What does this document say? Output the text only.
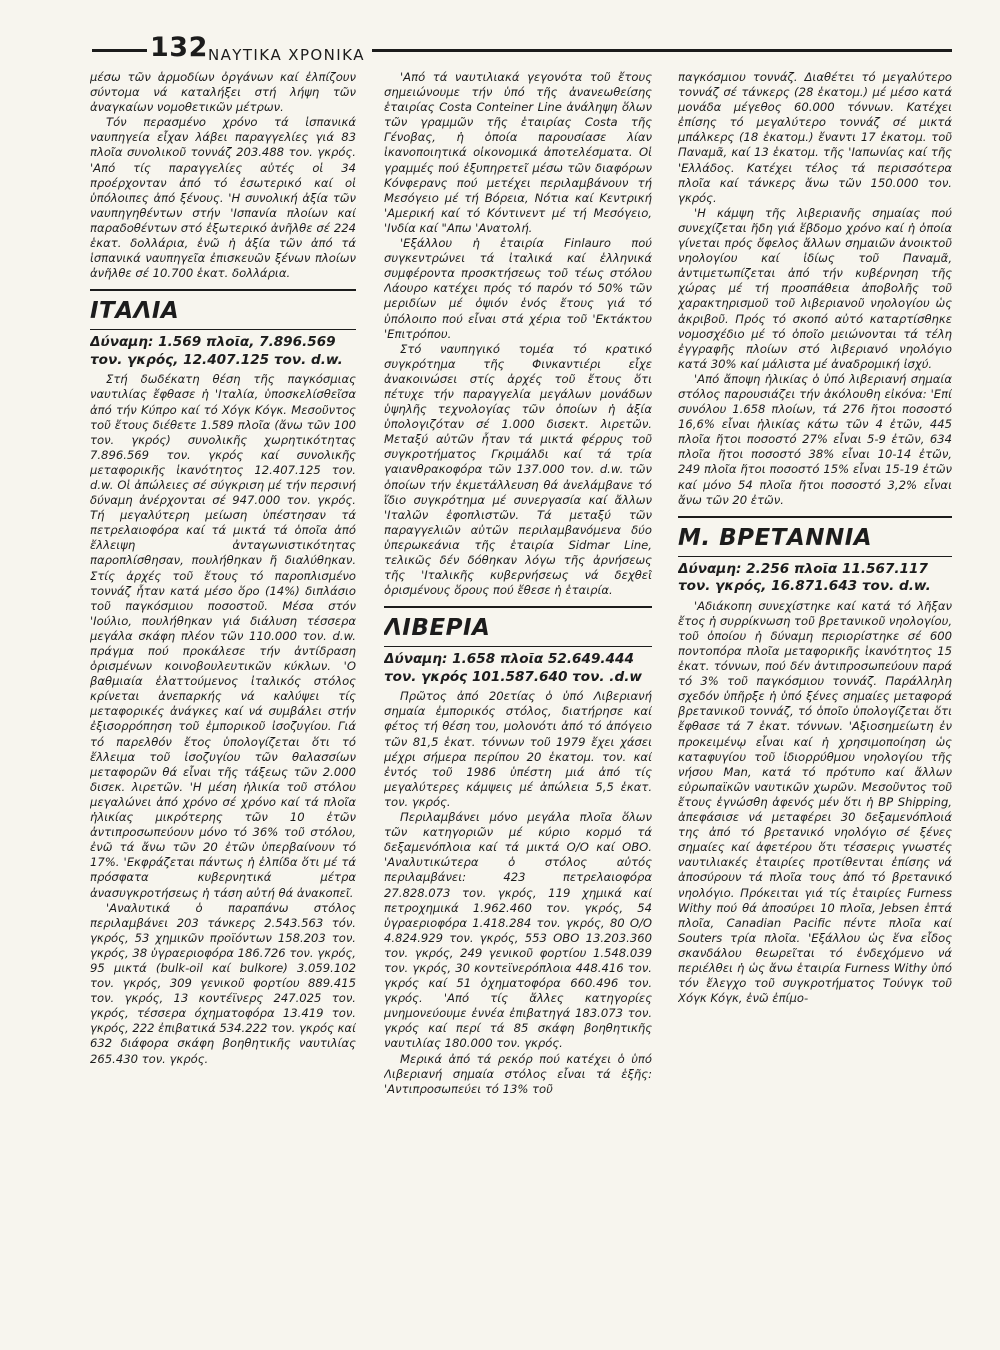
132 ΝΑΥΤΙΚΑ ΧΡΟΝΙΚΑ

μέσω τῶν ἁρμοδίων ὀργάνων καί ἐλπίζουν σύντομα νά καταλήξει στή λήψη τῶν ἀναγκαίων νομοθετικῶν μέτρων.

Τόν περασμένο χρόνο τά ἱσπανικά ναυπηγεία εἶχαν λάβει παραγγελίες γιά 83 πλοῖα συνολικοῦ τοννάζ 203.488 τον. γκρός. 'Από τίς παραγγελίες αὐτές οἱ 34 προέρχονταν ἀπό τό ἐσωτερικό καί οἱ ὑπόλοιπες ἀπό ξένους. 'Η συνολική ἀξία τῶν ναυπηγηθέντων στήν 'Ισπανία πλοίων καί παραδοθέντων στό ἐξωτερικό ἀνῆλθε σέ 224 ἑκατ. δολλάρια, ἐνῶ ἡ ἀξία τῶν ἀπό τά ἱσπανικά ναυπηγεῖα ἐπισκευῶν ξένων πλοίων ἀνῆλθε σέ 10.700 ἑκατ. δολλάρια.

ΙΤΑΛΙΑ
Δύναμη: 1.569 πλοῖα, 7.896.569 τον. γκρός, 12.407.125 τον. d.w.

Στή δωδέκατη θέση τῆς παγκόσμιας ναυτιλίας ἔφθασε ἡ 'Ιταλία, ὑποσκελίσθεῖσα ἀπό τήν Κύπρο καί τό Χόγκ Κόγκ. Μεσοῦντος τοῦ ἔτους διέθετε 1.589 πλοῖα (ἄνω τῶν 100 τον. γκρός) συνολικῆς χωρητικότητας 7.896.569 τον. γκρός καί συνολικῆς μεταφορικῆς ἱκανότητος 12.407.125 τον. d.w. Οἱ ἀπώλειες σέ σύγκριση μέ τήν περσινή δύναμη ἀνέρχονται σέ 947.000 τον. γκρός. Τή μεγαλύτερη μείωση ὑπέστησαν τά πετρελαιοφόρα καί τά μικτά τά ὁποῖα ἀπό ἔλλειψη ἀνταγωνιστικότητας παροπλίσθησαν, πουλήθηκαν ἤ διαλύθηκαν. Στίς ἀρχές τοῦ ἔτους τό παροπλισμένο τοννάζ ἦταν κατά μέσο ὅρο (14%) διπλάσιο τοῦ παγκόσμιου ποσοστοῦ. Μέσα στόν 'Ιούλιο, πουλήθηκαν γιά διάλυση τέσσερα μεγάλα σκάφη πλέον τῶν 110.000 τον. d.w. πράγμα πού προκάλεσε τήν ἀντίδραση ὁρισμένων κοινοβουλευτικῶν κύκλων. 'Ο βαθμιαία ἐλαττούμενος ἰταλικός στόλος κρίνεται ἀνεπαρκής νά καλύψει τίς μεταφορικές ἀνάγκες καί νά συμβάλει στήν ἐξισορρόπηση τοῦ ἐμπορικοῦ ἰσοζυγίου. Γιά τό παρελθόν ἔτος ὑπολογίζεται ὅτι τό ἔλλειμα τοῦ ἰσοζυγίου τῶν θαλασσίων μεταφορῶν θά εἶναι τῆς τάξεως τῶν 2.000 δισεκ. λιρετῶν. 'Η μέση ἡλικία τοῦ στόλου μεγαλώνει ἀπό χρόνο σέ χρόνο καί τά πλοῖα ἡλικίας μικρότερης τῶν 10 ἐτῶν ἀντιπροσωπεύουν μόνο τό 36% τοῦ στόλου, ἐνῶ τά ἄνω τῶν 20 ἐτῶν ὑπερβαίνουν τό 17%. 'Εκφράζεται πάντως ἡ ἐλπίδα ὅτι μέ τά πρόσφατα κυβερνητικά μέτρα ἀνασυγκροτήσεως ἡ τάση αὐτή θά ἀνακοπεῖ.

'Αναλυτικά ὁ παραπάνω στόλος περιλαμβάνει 203 τάνκερς 2.543.563 τόν. γκρός, 53 χημικῶν προϊόντων 158.203 τον. γκρός, 38 ὑγραεριοφόρα 186.726 τον. γκρός, 95 μικτά (bulk-oil καί bulkore) 3.059.102 τον. γκρός, 309 γενικοῦ φορτίου 889.415 τον. γκρός, 13 κοντέϊνερς 247.025 τον. γκρός, τέσσερα όχηματοφόρα 13.419 τον. γκρός, 222 ἐπιβατικά 534.222 τον. γκρός καί 632 διάφορα σκάφη βοηθητικῆς ναυτιλίας 265.430 τον. γκρός.

'Από τά ναυτιλιακά γεγονότα τοῦ ἔτους σημειώνουμε τήν ὑπό τῆς ἀνανεωθείσης ἑταιρίας Costa Conteiner Line ἀνάληψη ὅλων τῶν γραμμῶν τῆς ἑταιρίας Costa τῆς Γένοβας, ἡ ὁποία παρουσίασε λίαν ἱκανοποιητικά οἰκονομικά ἀποτελέσματα. Οἱ γραμμές πού ἐξυπηρετεῖ μέσω τῶν διαφόρων Κόνφερανς πού μετέχει περιλαμβάνουν τή Μεσόγειο μέ τή Βόρεια, Νότια καί Κεντρική 'Αμερική καί τό Κόντινεντ μέ τή Μεσόγειο, 'Ινδία καί "Απω 'Ανατολή.

'Εξάλλου ἡ ἑταιρία Finlauro πού συγκεντρώνει τά ἰταλικά καί ἑλληνικά συμφέροντα προσκτήσεως τοῦ τέως στόλου Λάουρο κατέχει πρός τό παρόν τό 50% τῶν μεριδίων μέ ὀψιόν ἑνός ἔτους γιά τό ὑπόλοιπο πού εἶναι στά χέρια τοῦ 'Εκτάκτου 'Επιτρόπου.

Στό ναυπηγικό τομέα τό κρατικό συγκρότημα τῆς Φινκαντιέρι εἶχε ἀνακοινώσει στίς ἀρχές τοῦ ἔτους ὅτι πέτυχε τήν παραγγελία μεγάλων μονάδων ὑψηλῆς τεχνολογίας τῶν ὁποίων ἡ ἀξία ὑπολογιζόταν σέ 1.000 δισεκτ. λιρετῶν. Μεταξύ αὐτῶν ἦταν τά μικτά φέρρυς τοῦ συγκροτήματος Γκριμάλδι καί τά τρία γαιανθρακοφόρα τῶν 137.000 τον. d.w. τῶν ὁποίων τήν ἐκμετάλλευση θά ἀνελάμβανε τό ἴδιο συγκρότημα μέ συνεργασία καί ἄλλων 'Ιταλῶν ἐφοπλιστῶν. Τά μεταξύ τῶν παραγγελιῶν αὐτῶν περιλαμβανόμενα δύο ὑπερωκεάνια τῆς ἑταιρία Sidmar Line, τελικῶς δέν δόθηκαν λόγω τῆς ἀρνήσεως τῆς 'Ιταλικῆς κυβερνήσεως νά δεχθεῖ ὁρισμένους ὅρους πού ἔθεσε ἡ ἑταιρία.

ΛΙΒΕΡΙΑ
Δύναμη: 1.658 πλοῖα 52.649.444 τον. γκρός 101.587.640 τον. .d.w

Πρῶτος ἀπό 20ετίας ὁ ὑπό Λιβεριανή σημαία ἐμπορικός στόλος, διατήρησε καί φέτος τή θέση του, μολονότι ἀπό τό ἀπόγειο τῶν 81,5 ἑκατ. τόννων τοῦ 1979 ἔχει χάσει μέχρι σήμερα περίπου 20 ἑκατομ. τον. καί ἐντός τοῦ 1986 ὑπέστη μιά ἀπό τίς μεγαλύτερες κάμψεις μέ ἀπώλεια 5,5 ἑκατ. τον. γκρός.

Περιλαμβάνει μόνο μεγάλα πλοῖα ὅλων τῶν κατηγοριῶν μέ κύριο κορμό τά δεξαμενόπλοια καί τά μικτά Ο/Ο καί ΟΒΟ. 'Αναλυτικώτερα ὁ στόλος αὐτός περιλαμβάνει: 423 πετρελαιοφόρα 27.828.073 τον. γκρός, 119 χημικά καί πετροχημικά 1.962.460 τον. γκρός, 54 ὑγραεριοφόρα 1.418.284 τον. γκρός, 80 Ο/Ο 4.824.929 τον. γκρός, 553 ΟΒΟ 13.203.360 τον. γκρός, 249 γενικοῦ φορτίου 1.548.039 τον. γκρός, 30 κοντεϊνερόπλοια 448.416 τον. γκρός καί 51 ὀχηματοφόρα 660.496 τον. γκρός. 'Από τίς ἄλλες κατηγορίες μνημονεύουμε ἐννέα ἐπιβατηγά 183.073 τον. γκρός καί περί τά 85 σκάφη βοηθητικῆς ναυτιλίας 180.000 τον. γκρός.

Μερικά ἀπό τά ρεκόρ πού κατέχει ὁ ὑπό Λιβεριανή σημαία στόλος εἶναι τά ἑξῆς: 'Αντιπροσωπεύει τό 13% τοῦ

παγκόσμιου τοννάζ. Διαθέτει τό μεγαλύτερο τοννάζ σέ τάνκερς (28 ἑκατομ.) μέ μέσο κατά μονάδα μέγεθος 60.000 τόννων. Κατέχει ἐπίσης τό μεγαλύτερο τοννάζ σέ μικτά μπάλκερς (18 ἑκατομ.) ἔναντι 17 ἑκατομ. τοῦ Παναμᾶ, καί 13 ἑκατομ. τῆς 'Ιαπωνίας καί τῆς 'Ελλάδος. Κατέχει τέλος τά περισσότερα πλοῖα καί τάνκερς ἄνω τῶν 150.000 τον. γκρός.

'Η κάμψη τῆς λιβεριανῆς σημαίας πού συνεχίζεται ἤδη γιά ἕβδομο χρόνο καί ἡ ὁποία γίνεται πρός ὄφελος ἄλλων σημαιῶν ἀνοικτοῦ νηολογίου καί ἰδίως τοῦ Παναμᾶ, ἀντιμετωπίζεται ἀπό τήν κυβέρνηση τῆς χώρας μέ τή προσπάθεια ἀποβολῆς τοῦ χαρακτηρισμοῦ τοῦ λιβεριανοῦ νηολογίου ὡς ἀκριβοῦ. Πρός τό σκοπό αὐτό καταρτίσθηκε νομοσχέδιο μέ τό ὁποῖο μειώνονται τά τέλη ἐγγραφῆς πλοίων στό λιβεριανό νηολόγιο κατά 30% καί μάλιστα μέ ἀναδρομική ἰσχύ.

'Από ἄποψη ἡλικίας ὁ ὑπό λιβεριανή σημαία στόλος παρουσιάζει τήν ἀκόλουθη εἰκόνα: 'Επί συνόλου 1.658 πλοίων, τά 276 ἤτοι ποσοστό 16,6% εἶναι ἡλικίας κάτω τῶν 4 ἐτῶν, 445 πλοῖα ἤτοι ποσοστό 27% εἶναι 5-9 ἐτῶν, 634 πλοῖα ἤτοι ποσοστό 38% εἶναι 10-14 ἐτῶν, 249 πλοῖα ἤτοι ποσοστό 15% εἶναι 15-19 ἐτῶν καί μόνο 54 πλοῖα ἤτοι ποσοστό 3,2% εἶναι ἄνω τῶν 20 ἐτῶν.

Μ. ΒΡΕΤΑΝΝΙΑ
Δύναμη: 2.256 πλοῖα 11.567.117 τον. γκρός, 16.871.643 τον. d.w.

'Αδιάκοπη συνεχίστηκε καί κατά τό λῆξαν ἔτος ἡ συρρίκνωση τοῦ βρετανικοῦ νηολογίου, τοῦ ὁποίου ἡ δύναμη περιορίστηκε σέ 600 ποντοπόρα πλοῖα μεταφορικῆς ἱκανότητος 15 ἑκατ. τόννων, πού δέν ἀντιπροσωπεύουν παρά τό 3% τοῦ παγκόσμιου τοννάζ. Παράλληλη σχεδόν ὑπῆρξε ἡ ὑπό ξένες σημαίες μεταφορά βρετανικοῦ τοννάζ, τό ὁποῖο ὑπολογίζεται ὅτι ἔφθασε τά 7 ἑκατ. τόννων. 'Αξιοσημείωτη ἐν προκειμένῳ εἶναι καί ἡ χρησιμοποίηση ὡς καταφυγίου τοῦ ἰδιορρύθμου νηολογίου τῆς νήσου Man, κατά τό πρότυπο καί ἄλλων εὐρωπαϊκῶν ναυτικῶν χωρῶν. Μεσοῦντος τοῦ ἔτους ἐγνώσθη ἀφενός μέν ὅτι ἡ BP Shipping, ἀπεφάσισε νά μεταφέρει 30 δεξαμενόπλοιά της ἀπό τό βρετανικό νηολόγιο σέ ξένες σημαίες καί ἀφετέρου ὅτι τέσσερις γνωστές ναυτιλιακές ἑταιρίες προτίθενται ἐπίσης νά ἀποσύρουν τά πλοῖα τους ἀπό τό βρετανικό νηολόγιο. Πρόκειται γιά τίς ἑταιρίες Furness Withy πού θά ἀποσύρει 10 πλοῖα, Jebsen ἑπτά πλοῖα, Canadian Pacific πέντε πλοῖα καί Souters τρία πλοῖα. 'Εξάλλου ὡς ἕνα εἶδος σκανδάλου θεωρεῖται τό ἐνδεχόμενο νά περιέλθει ἡ ὡς ἄνω ἑταιρία Furness Withy ὑπό τόν ἔλεγχο τοῦ συγκροτήματος Τούνγκ τοῦ Χόγκ Κόγκ, ἐνῶ ἐπίμο-
